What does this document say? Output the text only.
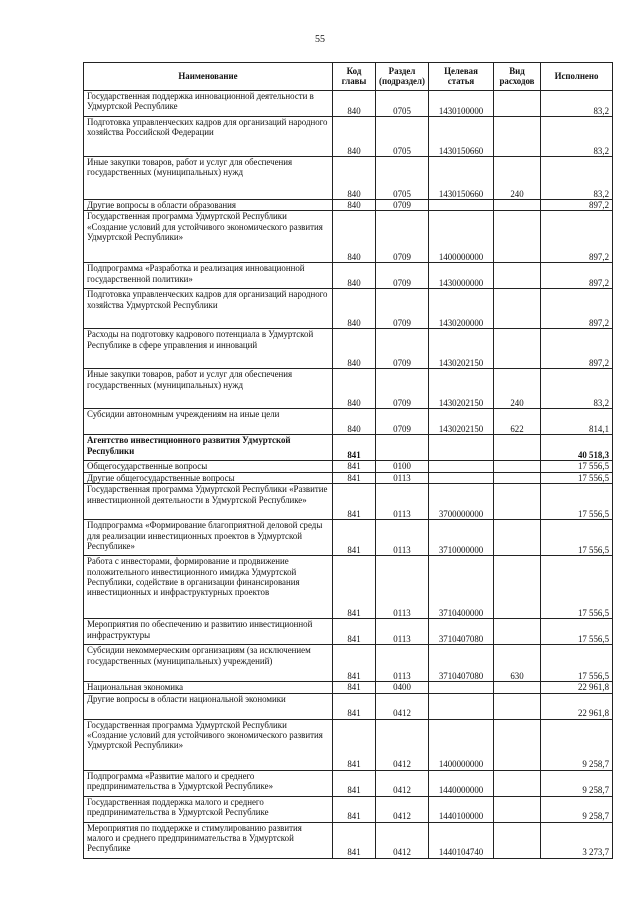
55
Наименование	Код главы	Раздел (подраздел)	Целевая статья	Вид расходов	Исполнено
Государственная поддержка инновационной деятельности в Удмуртской Республике	840	0705	1430100000		83,2
Подготовка управленческих кадров для организаций народного хозяйства Российской Федерации	840	0705	1430150660		83,2
Иные закупки товаров, работ и услуг для обеспечения государственных (муниципальных) нужд	840	0705	1430150660	240	83,2
Другие вопросы в области образования	840	0709			897,2
Государственная программа Удмуртской Республики «Создание условий для устойчивого экономического развития Удмуртской Республики»	840	0709	1400000000		897,2
Подпрограмма «Разработка и реализация инновационной государственной политики»	840	0709	1430000000		897,2
Подготовка управленческих кадров для организаций народного хозяйства Удмуртской Республики	840	0709	1430200000		897,2
Расходы на подготовку кадрового потенциала в Удмуртской Республике в сфере управления и инноваций	840	0709	1430202150		897,2
Иные закупки товаров, работ и услуг для обеспечения государственных (муниципальных) нужд	840	0709	1430202150	240	83,2
Субсидии автономным учреждениям на иные цели	840	0709	1430202150	622	814,1
Агентство инвестиционного развития Удмуртской Республики	841				40 518,3
Общегосударственные вопросы	841	0100			17 556,5
Другие общегосударственные вопросы	841	0113			17 556,5
Государственная программа Удмуртской Республики «Развитие инвестиционной деятельности в Удмуртской Республике»	841	0113	3700000000		17 556,5
Подпрограмма «Формирование благоприятной деловой среды для реализации инвестиционных проектов в Удмуртской Республике»	841	0113	3710000000		17 556,5
Работа с инвесторами, формирование и продвижение положительного инвестиционного имиджа Удмуртской Республики, содействие в организации финансирования инвестиционных и инфраструктурных проектов	841	0113	3710400000		17 556,5
Мероприятия по обеспечению и развитию инвестиционной инфраструктуры	841	0113	3710407080		17 556,5
Субсидии некоммерческим организациям (за исключением государственных (муниципальных) учреждений)	841	0113	3710407080	630	17 556,5
Национальная экономика	841	0400			22 961,8
Другие вопросы в области национальной экономики	841	0412			22 961,8
Государственная программа Удмуртской Республики «Создание условий для устойчивого экономического развития Удмуртской Республики»	841	0412	1400000000		9 258,7
Подпрограмма «Развитие малого и среднего предпринимательства в Удмуртской Республике»	841	0412	1440000000		9 258,7
Государственная поддержка малого и среднего предпринимательства в Удмуртской Республике	841	0412	1440100000		9 258,7
Мероприятия по поддержке и стимулированию развития малого и среднего предпринимательства в Удмуртской Республике	841	0412	1440104740		3 273,7
